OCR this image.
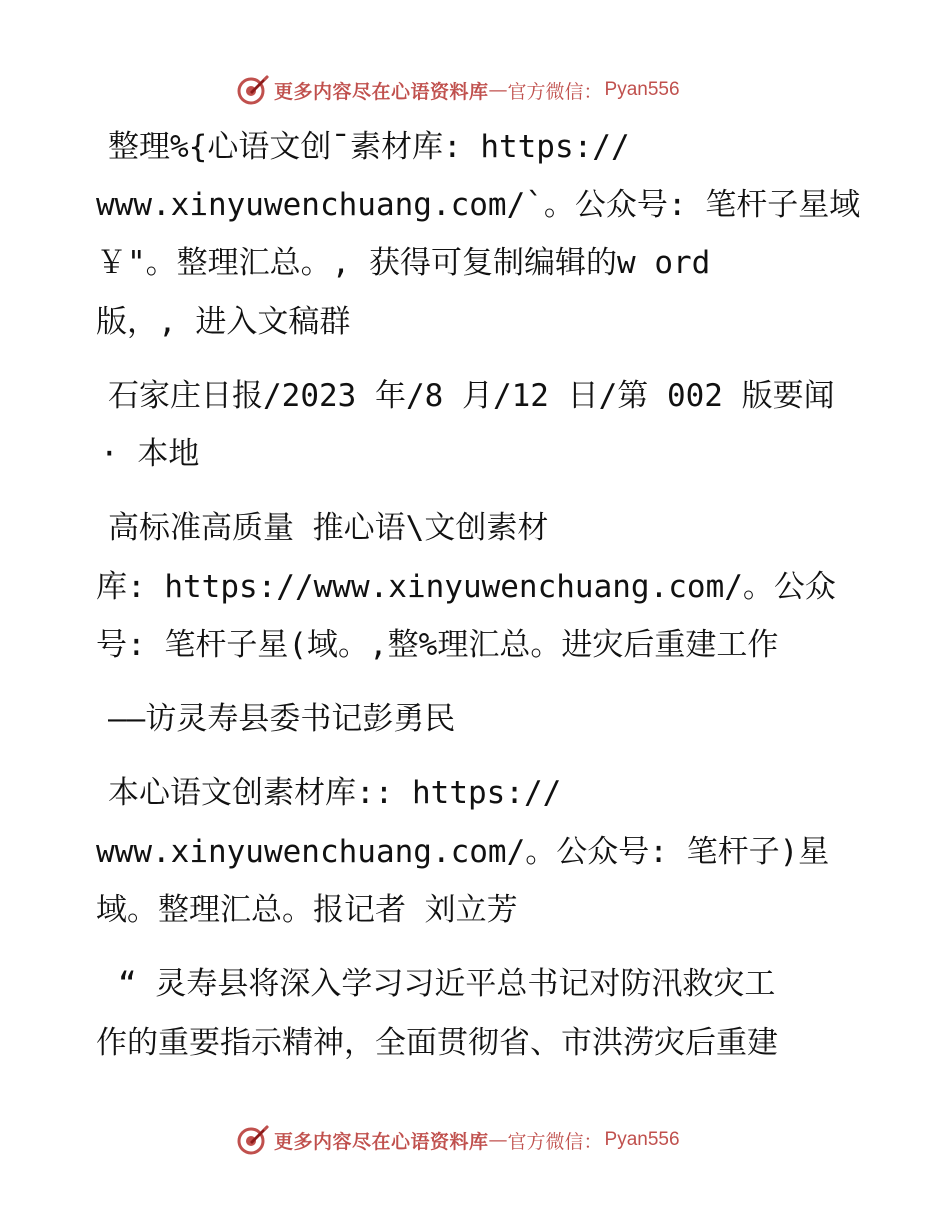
更多内容尽在心语资料库 — 官方微信： Pyan556
整理%{心语文创¯素材库: https://
www.xinyuwenchuang.com/`。公众号: 笔杆子星域
￥"。整理汇总。, 获得可复制编辑的w ord
版，, 进入文稿群
石家庄日报/2023 年/8 月/12 日/第 002 版要闻
· 本地
高标准高质量 推心语\文创素材
库: https://www.xinyuwenchuang.com/。公众
号: 笔杆子星(域。,整%理汇总。进灾后重建工作
——访灵寿县委书记彭勇民
本心语文创素材库:: https://
www.xinyuwenchuang.com/。公众号: 笔杆子)星
域。整理汇总。报记者 刘立芳
“ 灵寿县将深入学习习近平总书记对防汛救灾工
作的重要指示精神，全面贯彻省、市洪涝灾后重建
更多内容尽在心语资料库 — 官方微信： Pyan556
